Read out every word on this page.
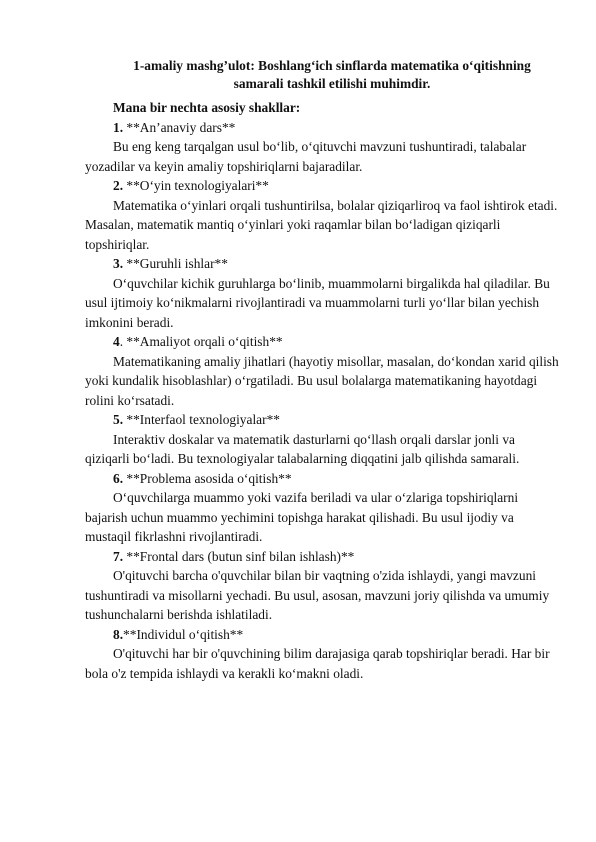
1-amaliy mashg’ulot: Boshlang‘ich sinflarda matematika o‘qitishning samarali tashkil etilishi muhimdir.

Mana bir nechta asosiy shakllar:

1. **An’anaviy dars**

Bu eng keng tarqalgan usul bo‘lib, o‘qituvchi mavzuni tushuntiradi, talabalar yozadilar va keyin amaliy topshiriqlarni bajaradilar.

2. **O‘yin texnologiyalari**

Matematika o‘yinlari orqali tushuntirilsa, bolalar qiziqarliroq va faol ishtirok etadi. Masalan, matematik mantiq o‘yinlari yoki raqamlar bilan bo‘ladigan qiziqarli topshiriqlar.

3. **Guruhli ishlar**

O‘quvchilar kichik guruhlarga bo‘linib, muammolarni birgalikda hal qiladilar. Bu usul ijtimoiy ko‘nikmalarni rivojlantiradi va muammolarni turli yo‘llar bilan yechish imkonini beradi.

4. **Amaliyot orqali o‘qitish**

Matematikaning amaliy jihatlari (hayotiy misollar, masalan, do‘kondan xarid qilish yoki kundalik hisoblashlar) o‘rgatiladi. Bu usul bolalarga matematikaning hayotdagi rolini ko‘rsatadi.

5. **Interfaol texnologiyalar**

Interaktiv doskalar va matematik dasturlarni qo‘llash orqali darslar jonli va qiziqarli bo‘ladi. Bu texnologiyalar talabalarning diqqatini jalb qilishda samarali.

6. **Problema asosida o‘qitish**

O‘quvchilarga muammo yoki vazifa beriladi va ular o‘zlariga topshiriqlarni bajarish uchun muammo yechimini topishga harakat qilishadi. Bu usul ijodiy va mustaqil fikrlashni rivojlantiradi.

7. **Frontal dars (butun sinf bilan ishlash)**

O'qituvchi barcha o'quvchilar bilan bir vaqtning o'zida ishlaydi, yangi mavzuni tushuntiradi va misollarni yechadi. Bu usul, asosan, mavzuni joriy qilishda va umumiy tushunchalarni berishda ishlatiladi.

8.**Individul o‘qitish**

O'qituvchi har bir o'quvchining bilim darajasiga qarab topshiriqlar beradi. Har bir bola o'z tempida ishlaydi va kerakli ko‘makni oladi.
